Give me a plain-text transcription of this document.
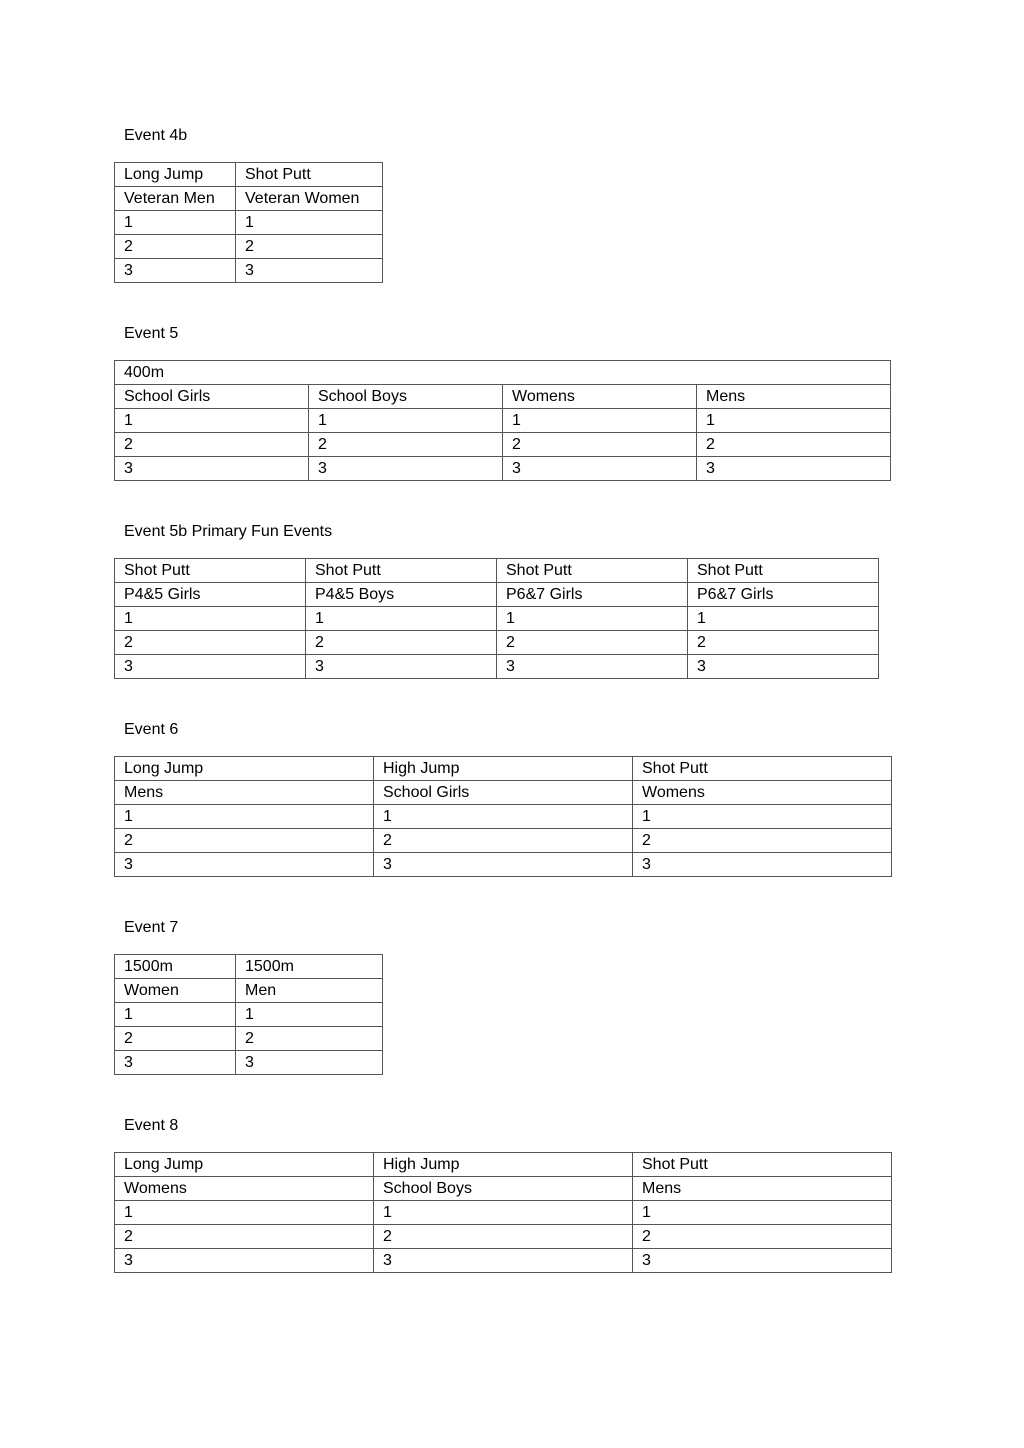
Event 4b
Long Jump	Shot Putt
Veteran Men	Veteran Women
1	1
2	2
3	3
Event 5
400m			
School Girls	School Boys	Womens	Mens
1	1	1	1
2	2	2	2
3	3	3	3
Event 5b Primary Fun Events
Shot Putt	Shot Putt	Shot Putt	Shot Putt
P4&5 Girls	P4&5 Boys	P6&7 Girls	P6&7 Girls
1	1	1	1
2	2	2	2
3	3	3	3
Event 6
Long Jump	High Jump	Shot Putt
Mens	School Girls	Womens
1	1	1
2	2	2
3	3	3
Event 7
1500m	1500m
Women	Men
1	1
2	2
3	3
Event 8
Long Jump	High Jump	Shot Putt
Womens	School Boys	Mens
1	1	1
2	2	2
3	3	3
